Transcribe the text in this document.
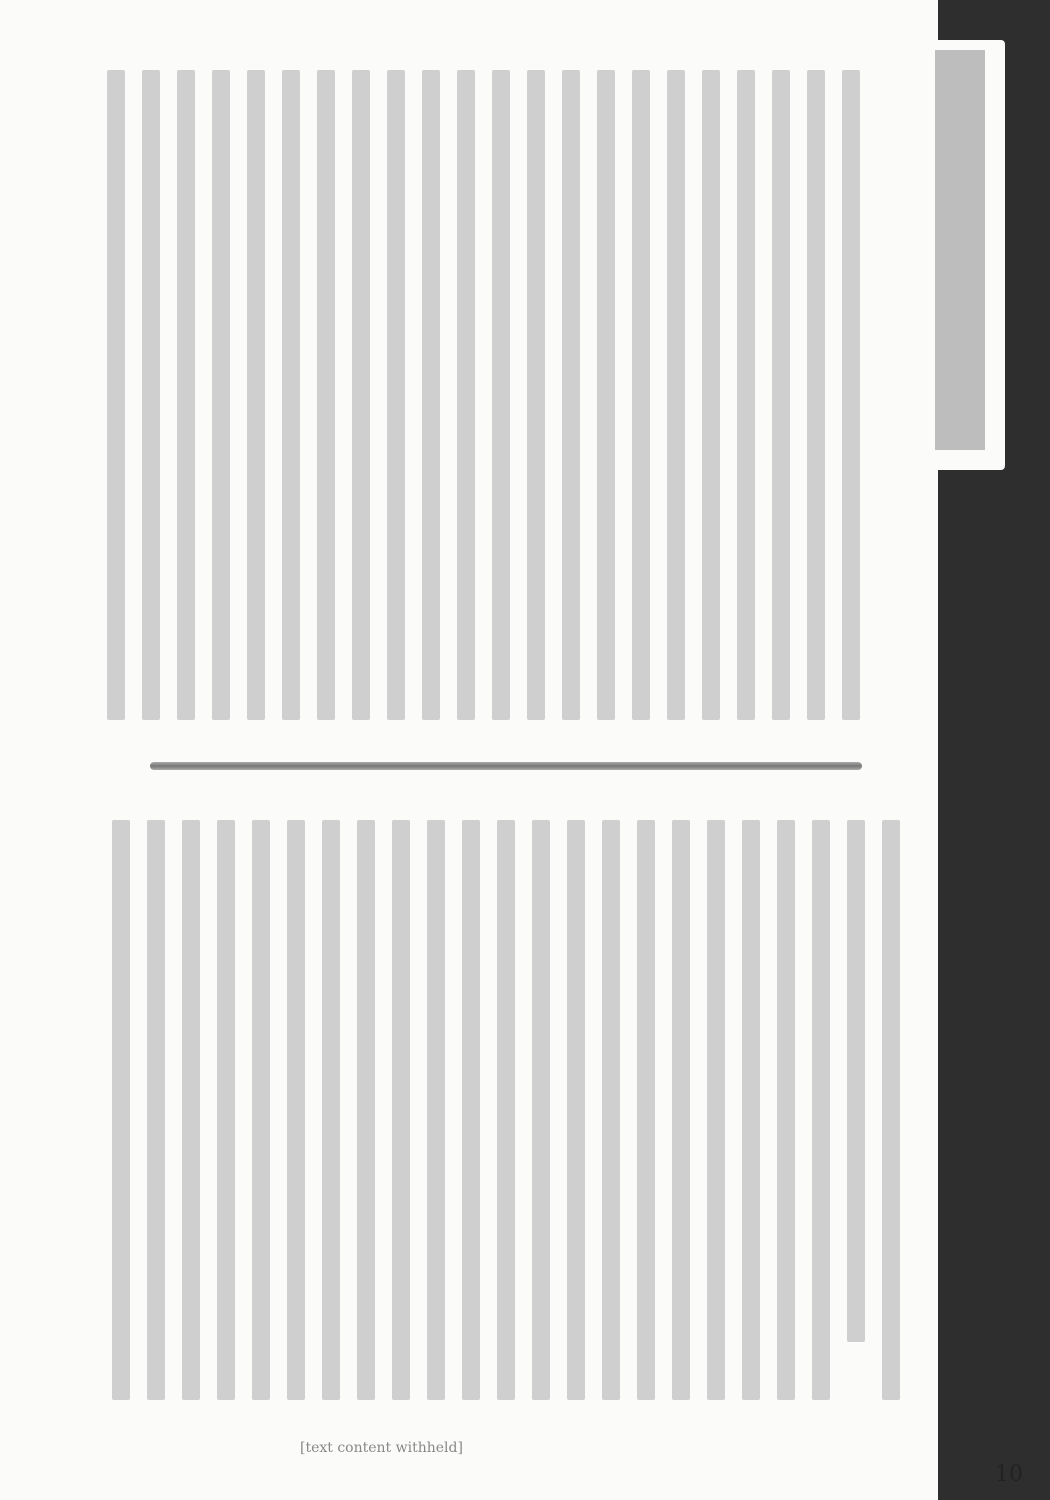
[text content withheld]
10
